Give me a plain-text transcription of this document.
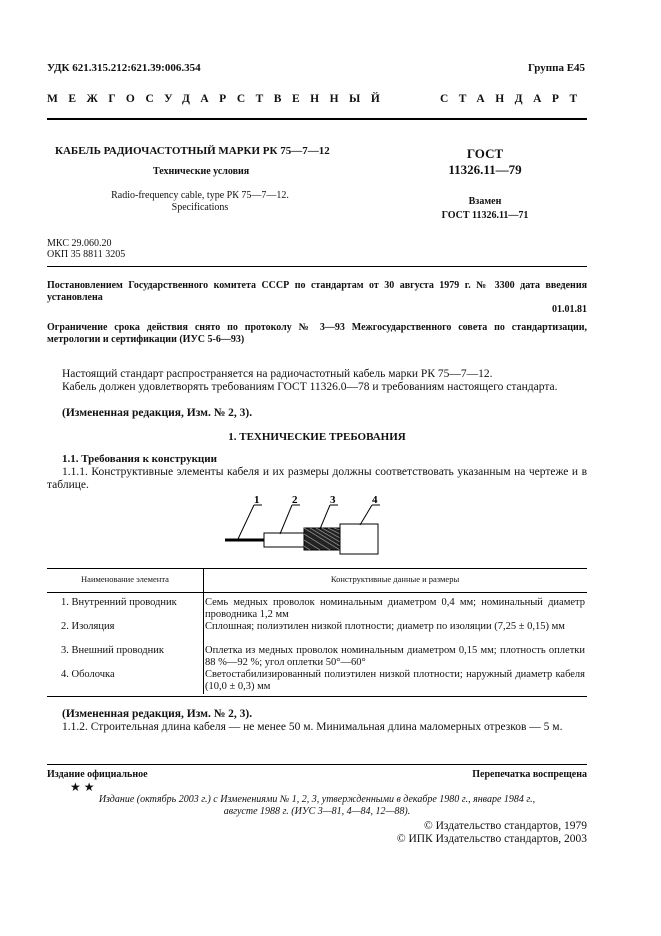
УДК 621.315.212:621.39:006.354	Группа Е45
МЕЖГОСУДАРСТВЕННЫЙ	СТАНДАРТ
КАБЕЛЬ РАДИОЧАСТОТНЫЙ МАРКИ РК 75—7—12
Технические условия
Radio-frequency cable, type РК 75—7—12.
Specifications
ГОСТ
11326.11—79
Взамен
ГОСТ 11326.11—71
МКС 29.060.20
ОКП 35 8811 3205
Постановлением Государственного комитета СССР по стандартам от 30 августа 1979 г. № 3300 дата введения установлена
01.01.81
Ограничение срока действия снято по протоколу № 3—93 Межгосударственного совета по стандартизации, метрологии и сертификации (ИУС 5-6—93)
Настоящий стандарт распространяется на радиочастотный кабель марки РК 75—7—12.
Кабель должен удовлетворять требованиям ГОСТ 11326.0—78 и требованиям настоящего стандарта.
(Измененная редакция, Изм. № 2, 3).
1. ТЕХНИЧЕСКИЕ ТРЕБОВАНИЯ
1.1. Требования к конструкции
1.1.1. Конструктивные элементы кабеля и их размеры должны соответствовать указанным на чертеже и в таблице.
1	2	3	4
Наименование элемента	Конструктивные данные и размеры
1. Внутренний проводник	Семь медных проволок номинальным диаметром 0,4 мм; номинальный диаметр проводника 1,2 мм
2. Изоляция	Сплошная; полиэтилен низкой плотности; диаметр по изоляции (7,25 ± 0,15) мм
3. Внешний проводник	Оплетка из медных проволок номинальным диаметром 0,15 мм; плотность оплетки 88 %—92 %; угол оплетки 50°—60°
4. Оболочка	Светостабилизированный полиэтилен низкой плотности; наружный диаметр кабеля (10,0 ± 0,3) мм
(Измененная редакция, Изм. № 2, 3).
1.1.2. Строительная длина кабеля — не менее 50 м. Минимальная длина маломерных отрезков — 5 м.
Издание официальное	Перепечатка воспрещена
★ ★
Издание (октябрь 2003 г.) с Изменениями № 1, 2, 3, утвержденными в декабре 1980 г., январе 1984 г.,
августе 1988 г. (ИУС 3—81, 4—84, 12—88).
© Издательство стандартов, 1979
© ИПК Издательство стандартов, 2003
